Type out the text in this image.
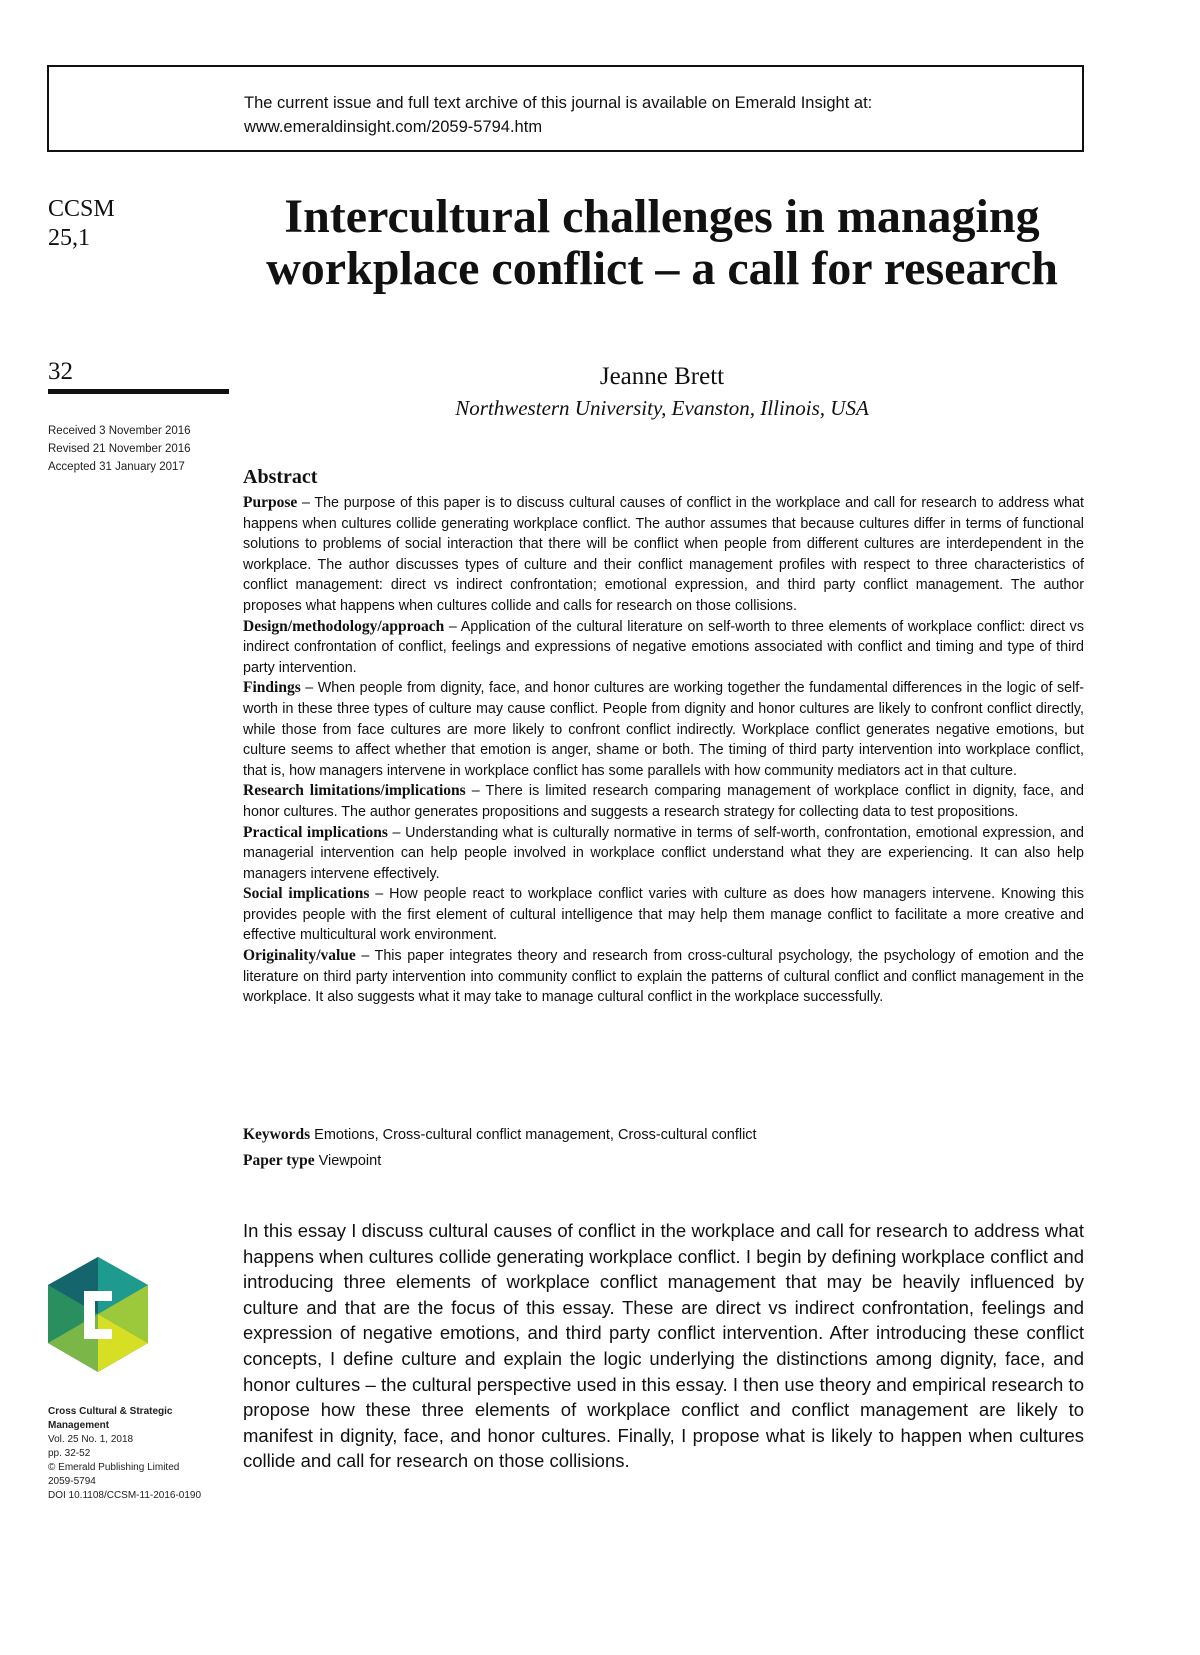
The current issue and full text archive of this journal is available on Emerald Insight at:
www.emeraldinsight.com/2059-5794.htm
CCSM
25,1
32
Received 3 November 2016
Revised 21 November 2016
Accepted 31 January 2017
Intercultural challenges in managing workplace conflict – a call for research
Jeanne Brett
Northwestern University, Evanston, Illinois, USA
Abstract

Purpose – The purpose of this paper is to discuss cultural causes of conflict in the workplace and call for research to address what happens when cultures collide generating workplace conflict. The author assumes that because cultures differ in terms of functional solutions to problems of social interaction that there will be conflict when people from different cultures are interdependent in the workplace. The author discusses types of culture and their conflict management profiles with respect to three characteristics of conflict management: direct vs indirect confrontation; emotional expression, and third party conflict management. The author proposes what happens when cultures collide and calls for research on those collisions.

Design/methodology/approach – Application of the cultural literature on self-worth to three elements of workplace conflict: direct vs indirect confrontation of conflict, feelings and expressions of negative emotions associated with conflict and timing and type of third party intervention.

Findings – When people from dignity, face, and honor cultures are working together the fundamental differences in the logic of self-worth in these three types of culture may cause conflict. People from dignity and honor cultures are likely to confront conflict directly, while those from face cultures are more likely to confront conflict indirectly. Workplace conflict generates negative emotions, but culture seems to affect whether that emotion is anger, shame or both. The timing of third party intervention into workplace conflict, that is, how managers intervene in workplace conflict has some parallels with how community mediators act in that culture.

Research limitations/implications – There is limited research comparing management of workplace conflict in dignity, face, and honor cultures. The author generates propositions and suggests a research strategy for collecting data to test propositions.

Practical implications – Understanding what is culturally normative in terms of self-worth, confrontation, emotional expression, and managerial intervention can help people involved in workplace conflict understand what they are experiencing. It can also help managers intervene effectively.

Social implications – How people react to workplace conflict varies with culture as does how managers intervene. Knowing this provides people with the first element of cultural intelligence that may help them manage conflict to facilitate a more creative and effective multicultural work environment.

Originality/value – This paper integrates theory and research from cross-cultural psychology, the psychology of emotion and the literature on third party intervention into community conflict to explain the patterns of cultural conflict and conflict management in the workplace. It also suggests what it may take to manage cultural conflict in the workplace successfully.

Keywords Emotions, Cross-cultural conflict management, Cross-cultural conflict
Paper type Viewpoint

In this essay I discuss cultural causes of conflict in the workplace and call for research to address what happens when cultures collide generating workplace conflict. I begin by defining workplace conflict and introducing three elements of workplace conflict management that may be heavily influenced by culture and that are the focus of this essay. These are direct vs indirect confrontation, feelings and expression of negative emotions, and third party conflict intervention. After introducing these conflict concepts, I define culture and explain the logic underlying the distinctions among dignity, face, and honor cultures – the cultural perspective used in this essay. I then use theory and empirical research to propose how these three elements of workplace conflict and conflict management are likely to manifest in dignity, face, and honor cultures. Finally, I propose what is likely to happen when cultures collide and call for research on those collisions.

Cross Cultural & Strategic
Management
Vol. 25 No. 1, 2018
pp. 32-52
© Emerald Publishing Limited
2059-5794
DOI 10.1108/CCSM-11-2016-0190
